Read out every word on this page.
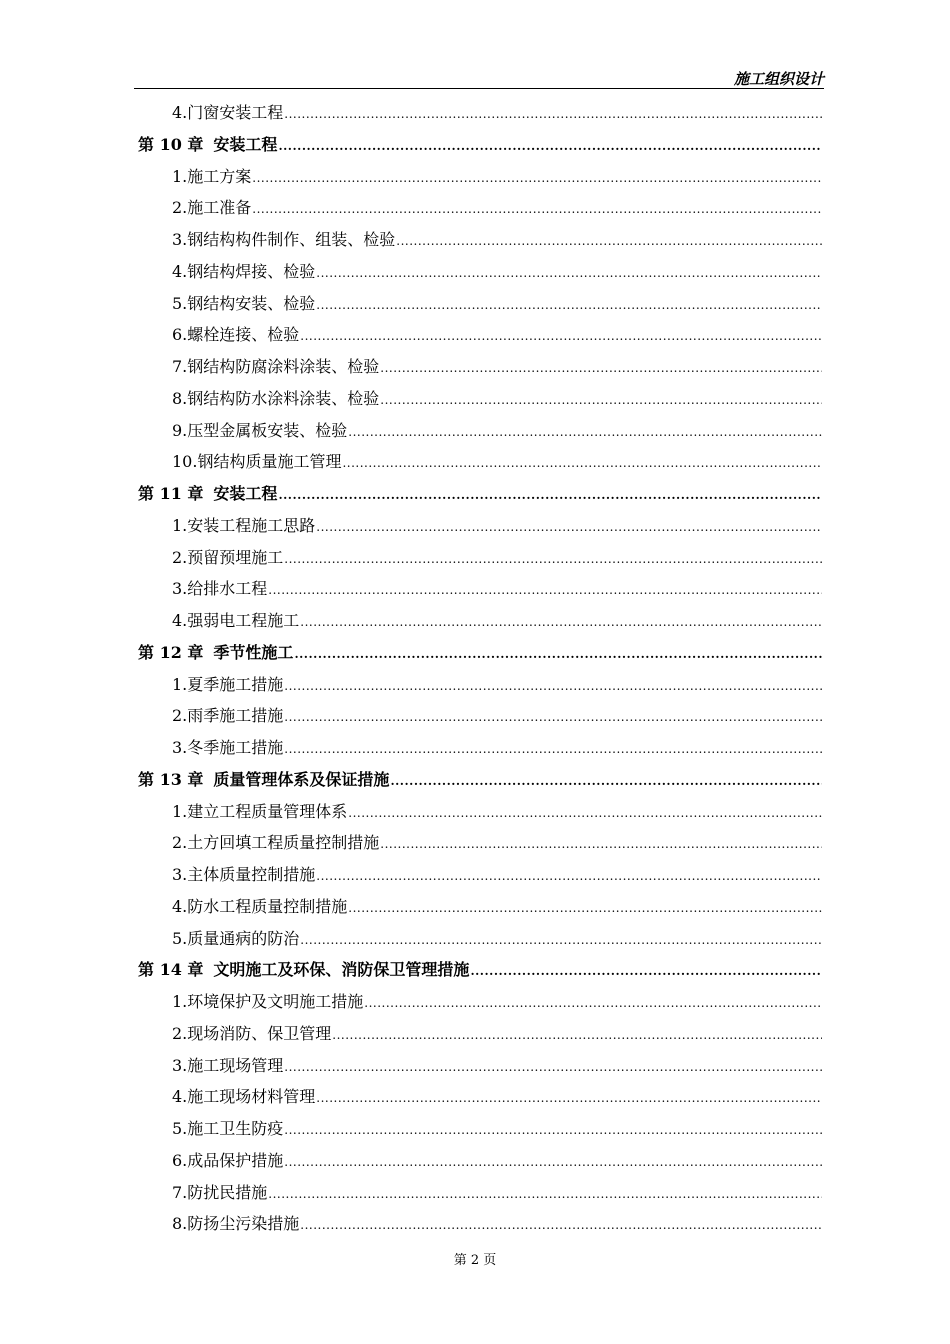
施工组织设计
4. 门窗安装工程
.....
第 10 章 安装工程
.....
1. 施工方案
.....
2. 施工准备
.....
3. 钢结构构件制作、组装、检验
.....
4. 钢结构焊接、检验
.....
5. 钢结构安装、检验
.....
6. 螺栓连接、检验
.....
7. 钢结构防腐涂料涂装、检验
.....
8. 钢结构防水涂料涂装、检验
.....
9. 压型金属板安装、检验
.....
10. 钢结构质量施工管理
.....
第 11 章 安装工程
.....
1. 安装工程施工思路
.....
2. 预留预埋施工
.....
3. 给排水工程
.....
4. 强弱电工程施工
.....
第 12 章 季节性施工
.....
1. 夏季施工措施
.....
2. 雨季施工措施
.....
3. 冬季施工措施
.....
第 13 章 质量管理体系及保证措施
.....
1. 建立工程质量管理体系
.....
2. 土方回填工程质量控制措施
.....
3. 主体质量控制措施
.....
4. 防水工程质量控制措施
.....
5. 质量通病的防治
.....
第 14 章 文明施工及环保、消防保卫管理措施
.....
1. 环境保护及文明施工措施
.....
2. 现场消防、保卫管理
.....
3. 施工现场管理
.....
4. 施工现场材料管理
.....
5. 施工卫生防疫
.....
6. 成品保护措施
.....
7. 防扰民措施
.....
8. 防扬尘污染措施
.....
第 2 页
